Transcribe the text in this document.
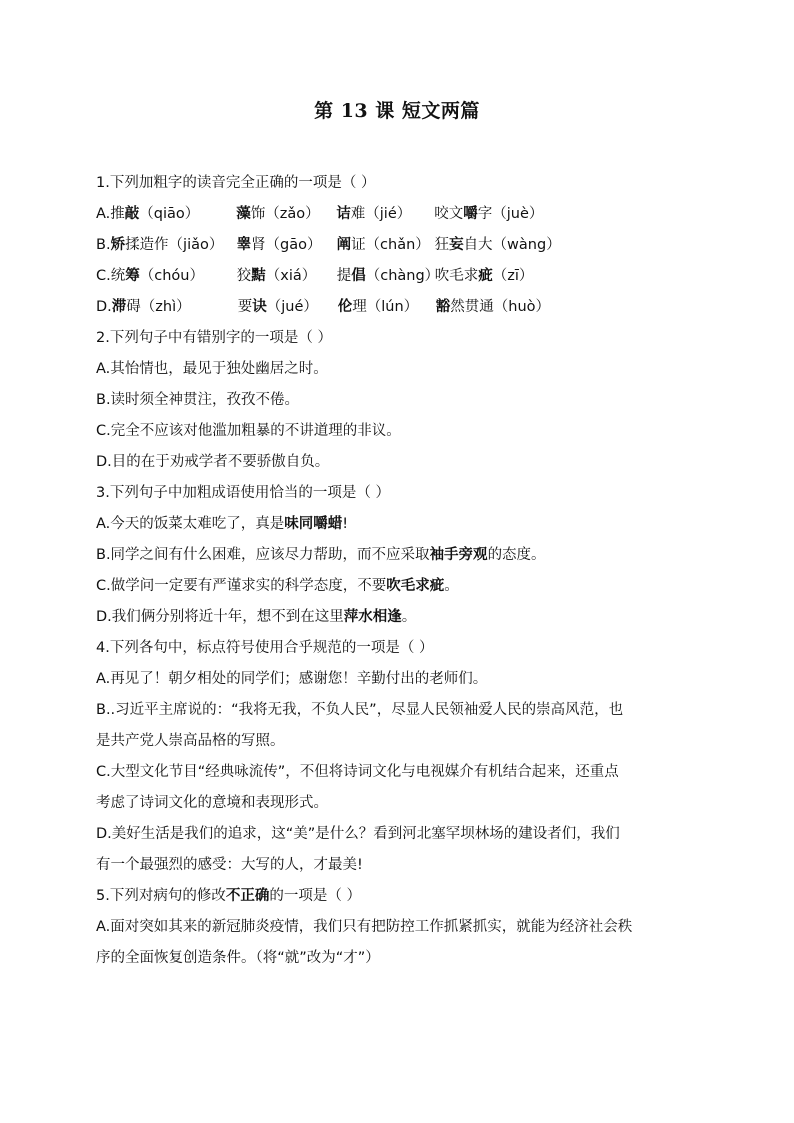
第 13 课 短文两篇
1.下列加粗字的读音完全正确的一项是（ ）
A.推敲（qiāo）	藻饰（zǎo） 诘难（jié） 咬文嚼字（juè）
B.矫揉造作（jiǎo） 睾肾（gāo） 阐证（chǎn） 狂妄自大（wàng）
C.统筹（chóu） 狡黠（xiá） 提倡（chàng）吹毛求疵（zī）
D.滞碍（zhì）	要诀（jué） 伦理（lún） 豁然贯通（huò）
2.下列句子中有错别字的一项是（ ）
A.其怡情也，最见于独处幽居之时。
B.读时须全神贯注，孜孜不倦。
C.完全不应该对他滥加粗暴的不讲道理的非议。
D.目的在于劝戒学者不要骄傲自负。
3.下列句子中加粗成语使用恰当的一项是（ ）
A.今天的饭菜太难吃了，真是味同嚼蜡!
B.同学之间有什么困难，应该尽力帮助，而不应采取袖手旁观的态度。
C.做学问一定要有严谨求实的科学态度，不要吹毛求疵。
D.我们俩分别将近十年，想不到在这里萍水相逢。
4.下列各句中，标点符号使用合乎规范的一项是（ ）
A.再见了！朝夕相处的同学们；感谢您！辛勤付出的老师们。
B..习近平主席说的：“我将无我，不负人民”，尽显人民领袖爱人民的崇高风范，也
是共产党人崇高品格的写照。
C.大型文化节目“经典咏流传”，不但将诗词文化与电视媒介有机结合起来，还重点
考虑了诗词文化的意境和表现形式。
D.美好生活是我们的追求，这“美”是什么？看到河北塞罕坝林场的建设者们，我们
有一个最强烈的感受：大写的人，才最美!
5.下列对病句的修改不正确的一项是（ ）
A.面对突如其来的新冠肺炎疫情，我们只有把防控工作抓紧抓实，就能为经济社会秩
序的全面恢复创造条件。（将“就”改为“才”）
